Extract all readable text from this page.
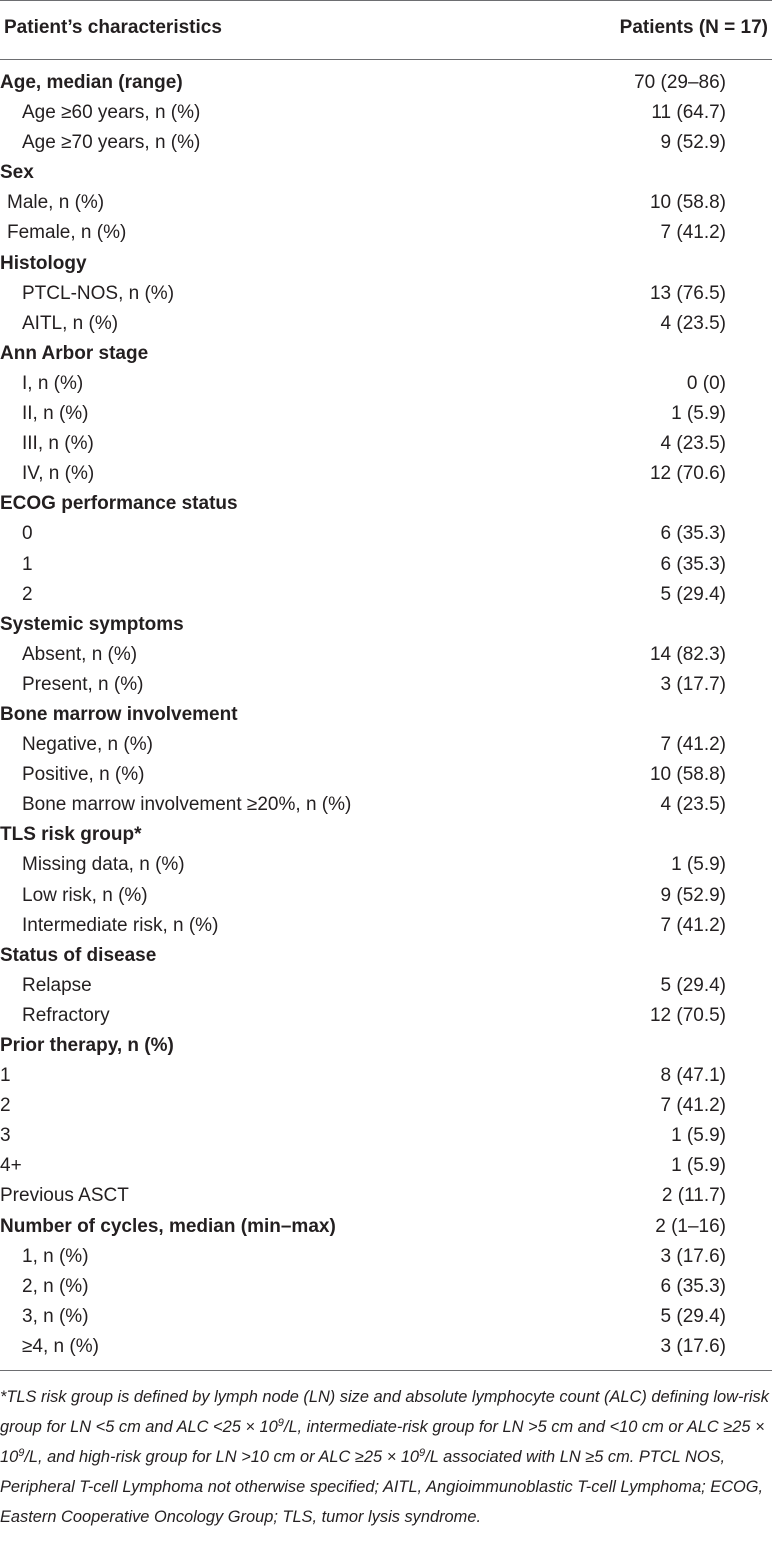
Patient’s characteristics	Patients (N = 17)
Age, median (range)	70 (29–86)
Age ≥60 years, n (%)	11 (64.7)
Age ≥70 years, n (%)	9 (52.9)
Sex
Male, n (%)	10 (58.8)
Female, n (%)	7 (41.2)
Histology
PTCL-NOS, n (%)	13 (76.5)
AITL, n (%)	4 (23.5)
Ann Arbor stage
I, n (%)	0 (0)
II, n (%)	1 (5.9)
III, n (%)	4 (23.5)
IV, n (%)	12 (70.6)
ECOG performance status
0	6 (35.3)
1	6 (35.3)
2	5 (29.4)
Systemic symptoms
Absent, n (%)	14 (82.3)
Present, n (%)	3 (17.7)
Bone marrow involvement
Negative, n (%)	7 (41.2)
Positive, n (%)	10 (58.8)
Bone marrow involvement ≥20%, n (%)	4 (23.5)
TLS risk group*
Missing data, n (%)	1 (5.9)
Low risk, n (%)	9 (52.9)
Intermediate risk, n (%)	7 (41.2)
Status of disease
Relapse	5 (29.4)
Refractory	12 (70.5)
Prior therapy, n (%)
1	8 (47.1)
2	7 (41.2)
3	1 (5.9)
4+	1 (5.9)
Previous ASCT	2 (11.7)
Number of cycles, median (min–max)	2 (1–16)
1, n (%)	3 (17.6)
2, n (%)	6 (35.3)
3, n (%)	5 (29.4)
≥4, n (%)	3 (17.6)
*TLS risk group is defined by lymph node (LN) size and absolute lymphocyte count (ALC) defining low-risk group for LN <5 cm and ALC $<25 \times 10^9/L$, intermediate-risk group for LN >5 cm and <10 cm or ALC $\ge 25 \times 10^9/L$, and high-risk group for LN >10 cm or ALC $\ge 25 \times 10^9/L$ associated with LN ≥5 cm. PTCL NOS, Peripheral T-cell Lymphoma not otherwise specified; AITL, Angioimmunoblastic T-cell Lymphoma; ECOG, Eastern Cooperative Oncology Group; TLS, tumor lysis syndrome.
